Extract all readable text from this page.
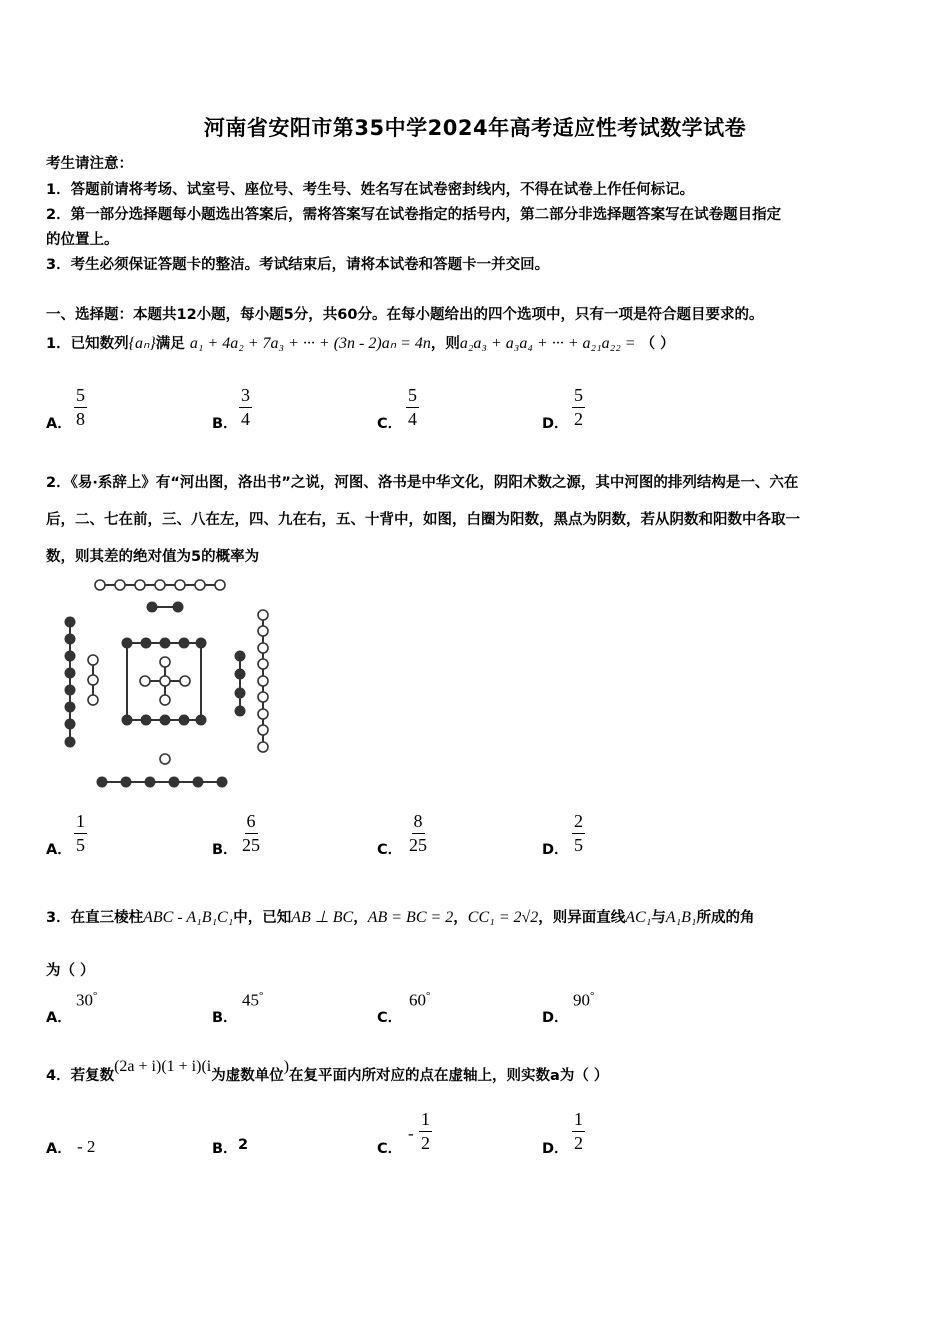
河南省安阳市第35中学2024年高考适应性考试数学试卷
考生请注意：
1．答题前请将考场、试室号、座位号、考生号、姓名写在试卷密封线内，不得在试卷上作任何标记。
2．第一部分选择题每小题选出答案后，需将答案写在试卷指定的括号内，第二部分非选择题答案写在试卷题目指定
的位置上。
3．考生必须保证答题卡的整洁。考试结束后，请将本试卷和答题卡一并交回。
一、选择题：本题共12小题，每小题5分，共60分。在每小题给出的四个选项中，只有一项是符合题目要求的。
1．已知数列{aₙ}满足 a₁ + 4a₂ + 7a₃ + ··· + (3n - 2)aₙ = 4n，则a₂a₃ + a₃a₄ + ··· + a₂₁a₂₂ = （ ）
A． $\frac{5}{8}$	B． $\frac{3}{4}$	C． $\frac{5}{4}$	D． $\frac{5}{2}$
2．《易·系辞上》有“河出图，洛出书”之说，河图、洛书是中华文化，阴阳术数之源，其中河图的排列结构是一、六在
后，二、七在前，三、八在左，四、九在右，五、十背中，如图，白圈为阳数，黑点为阴数，若从阴数和阳数中各取一
数，则其差的绝对值为5的概率为
A． $\frac{1}{5}$	B． $\frac{6}{25}$	C． $\frac{8}{25}$	D． $\frac{2}{5}$
3．在直三棱柱ABC - A₁B₁C₁中，已知AB ⊥ BC，AB = BC = 2，CC₁ = 2√2，则异面直线AC₁与A₁B₁所成的角
为（ ）
A．
30°
B．
45°
C．
60°
D．
90°
4．若复数(2a + i)(1 + i)(i为虚数单位)在复平面内所对应的点在虚轴上，则实数a为（ ）
A． - 2	B． 2	C．
- $\frac{1}{2}$	D． $\frac{1}{2}$
